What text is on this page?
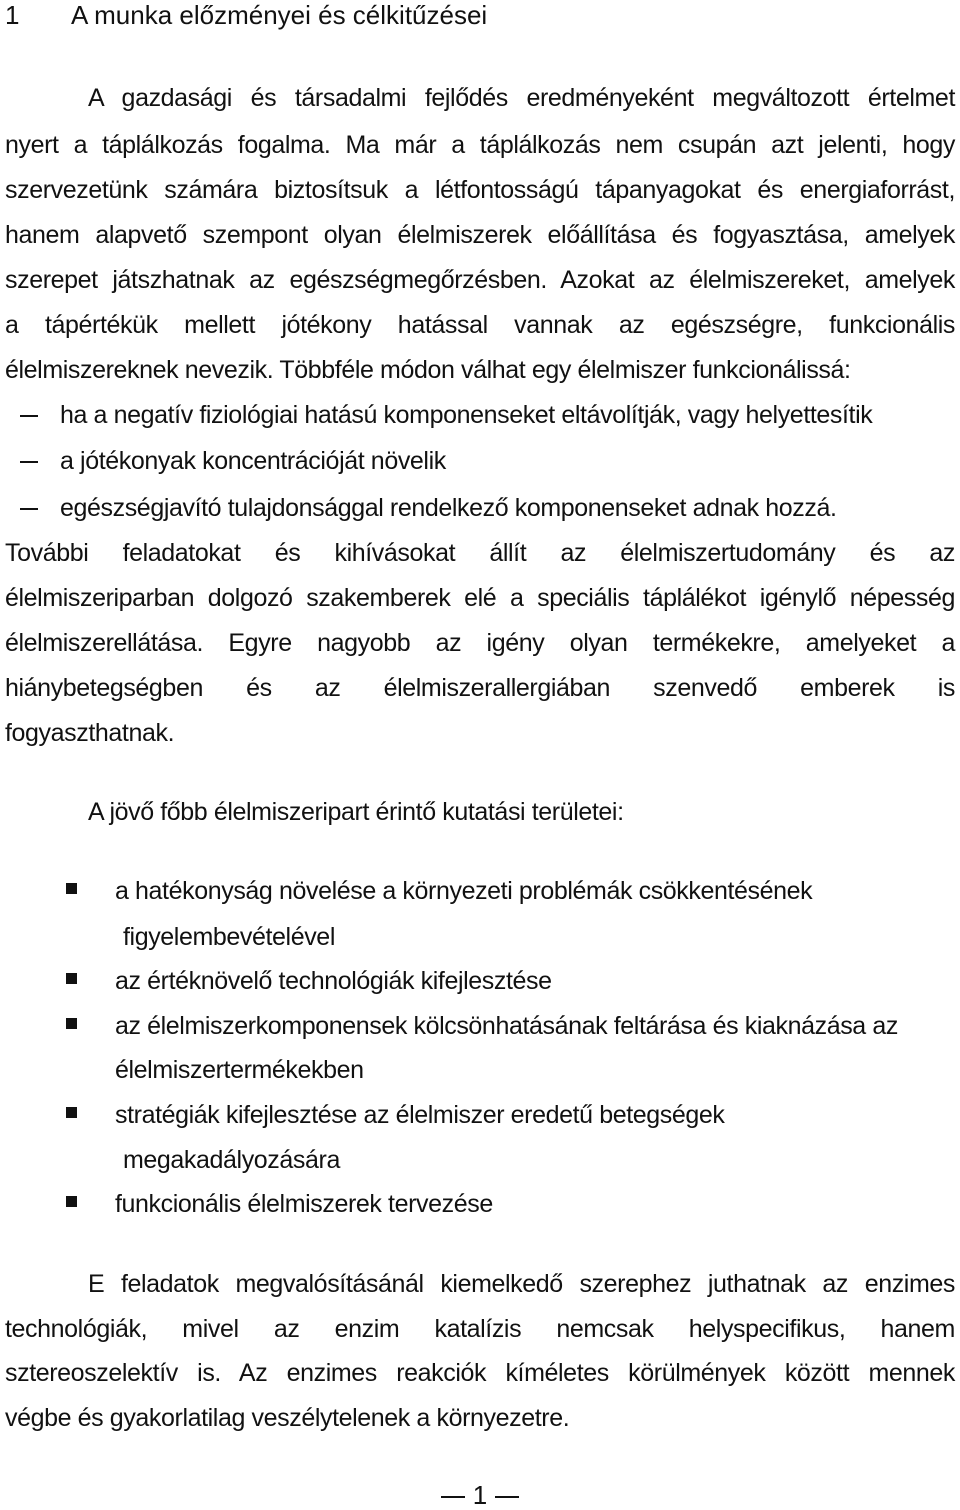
1 A munka előzményei és célkitűzései
A gazdasági és társadalmi fejlődés eredményeként megváltozott értelmet
nyert a táplálkozás fogalma. Ma már a táplálkozás nem csupán azt jelenti, hogy
szervezetünk számára biztosítsuk a létfontosságú tápanyagokat és energiaforrást,
hanem alapvető szempont olyan élelmiszerek előállítása és fogyasztása, amelyek
szerepet játszhatnak az egészségmegőrzésben. Azokat az élelmiszereket, amelyek
a tápértékük mellett jótékony hatással vannak az egészségre, funkcionális
élelmiszereknek nevezik. Többféle módon válhat egy élelmiszer funkcionálissá:
ha a negatív fiziológiai hatású komponenseket eltávolítják, vagy helyettesítik
a jótékonyak koncentrációját növelik
egészségjavító tulajdonsággal rendelkező komponenseket adnak hozzá.
További feladatokat és kihívásokat állít az élelmiszertudomány és az
élelmiszeriparban dolgozó szakemberek elé a speciális táplálékot igénylő népesség
élelmiszerellátása. Egyre nagyobb az igény olyan termékekre, amelyeket a
hiánybetegségben és az élelmiszerallergiában szenvedő emberek is
fogyaszthatnak.
A jövő főbb élelmiszeripart érintő kutatási területei:
a hatékonyság növelése a környezeti problémák csökkentésének
figyelembevételével
az értéknövelő technológiák kifejlesztése
az élelmiszerkomponensek kölcsönhatásának feltárása és kiaknázása az
élelmiszertermékekben
stratégiák kifejlesztése az élelmiszer eredetű betegségek
megakadályozására
funkcionális élelmiszerek tervezése
E feladatok megvalósításánál kiemelkedő szerephez juthatnak az enzimes
technológiák, mivel az enzim katalízis nemcsak helyspecifikus, hanem
sztereoszelektív is. Az enzimes reakciók kíméletes körülmények között mennek
végbe és gyakorlatilag veszélytelenek a környezetre.
1
